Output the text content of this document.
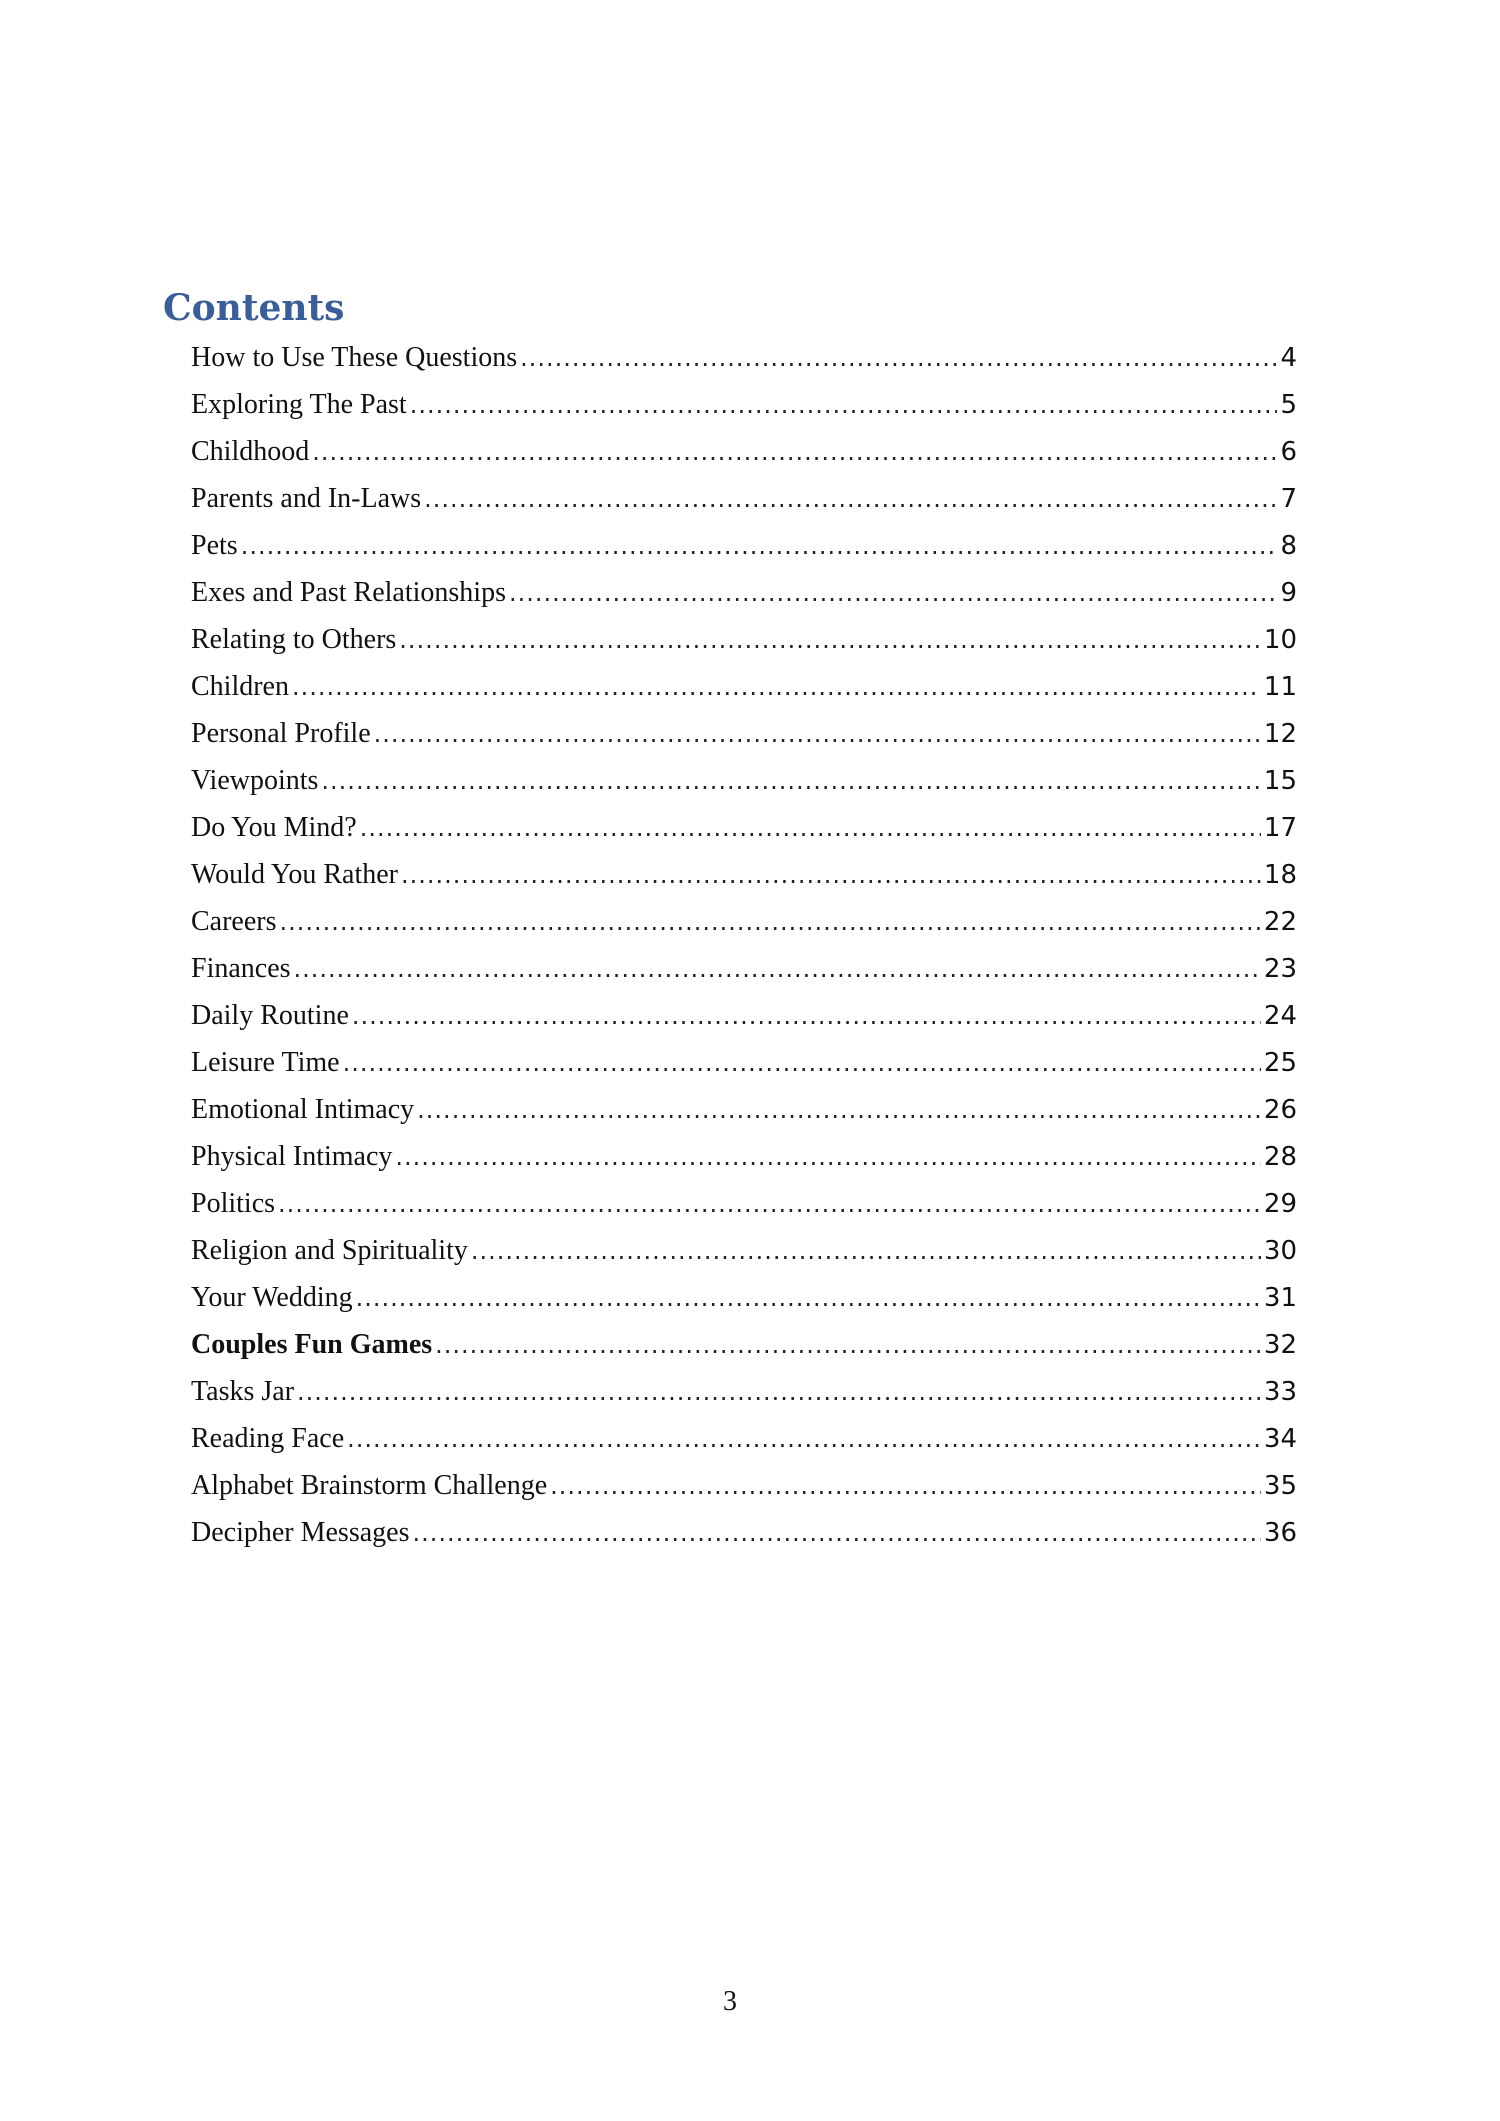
Contents
How to Use These Questions .....	4
Exploring The Past .....	5
Childhood .....	6
Parents and In-Laws .....	7
Pets .....	8
Exes and Past Relationships .....	9
Relating to Others .....	10
Children .....	11
Personal Profile .....	12
Viewpoints .....	15
Do You Mind? .....	17
Would You Rather .....	18
Careers .....	22
Finances .....	23
Daily Routine .....	24
Leisure Time .....	25
Emotional Intimacy .....	26
Physical Intimacy .....	28
Politics .....	29
Religion and Spirituality .....	30
Your Wedding .....	31
Couples Fun Games .....	32
Tasks Jar .....	33
Reading Face .....	34
Alphabet Brainstorm Challenge .....	35
Decipher Messages .....	36
3
